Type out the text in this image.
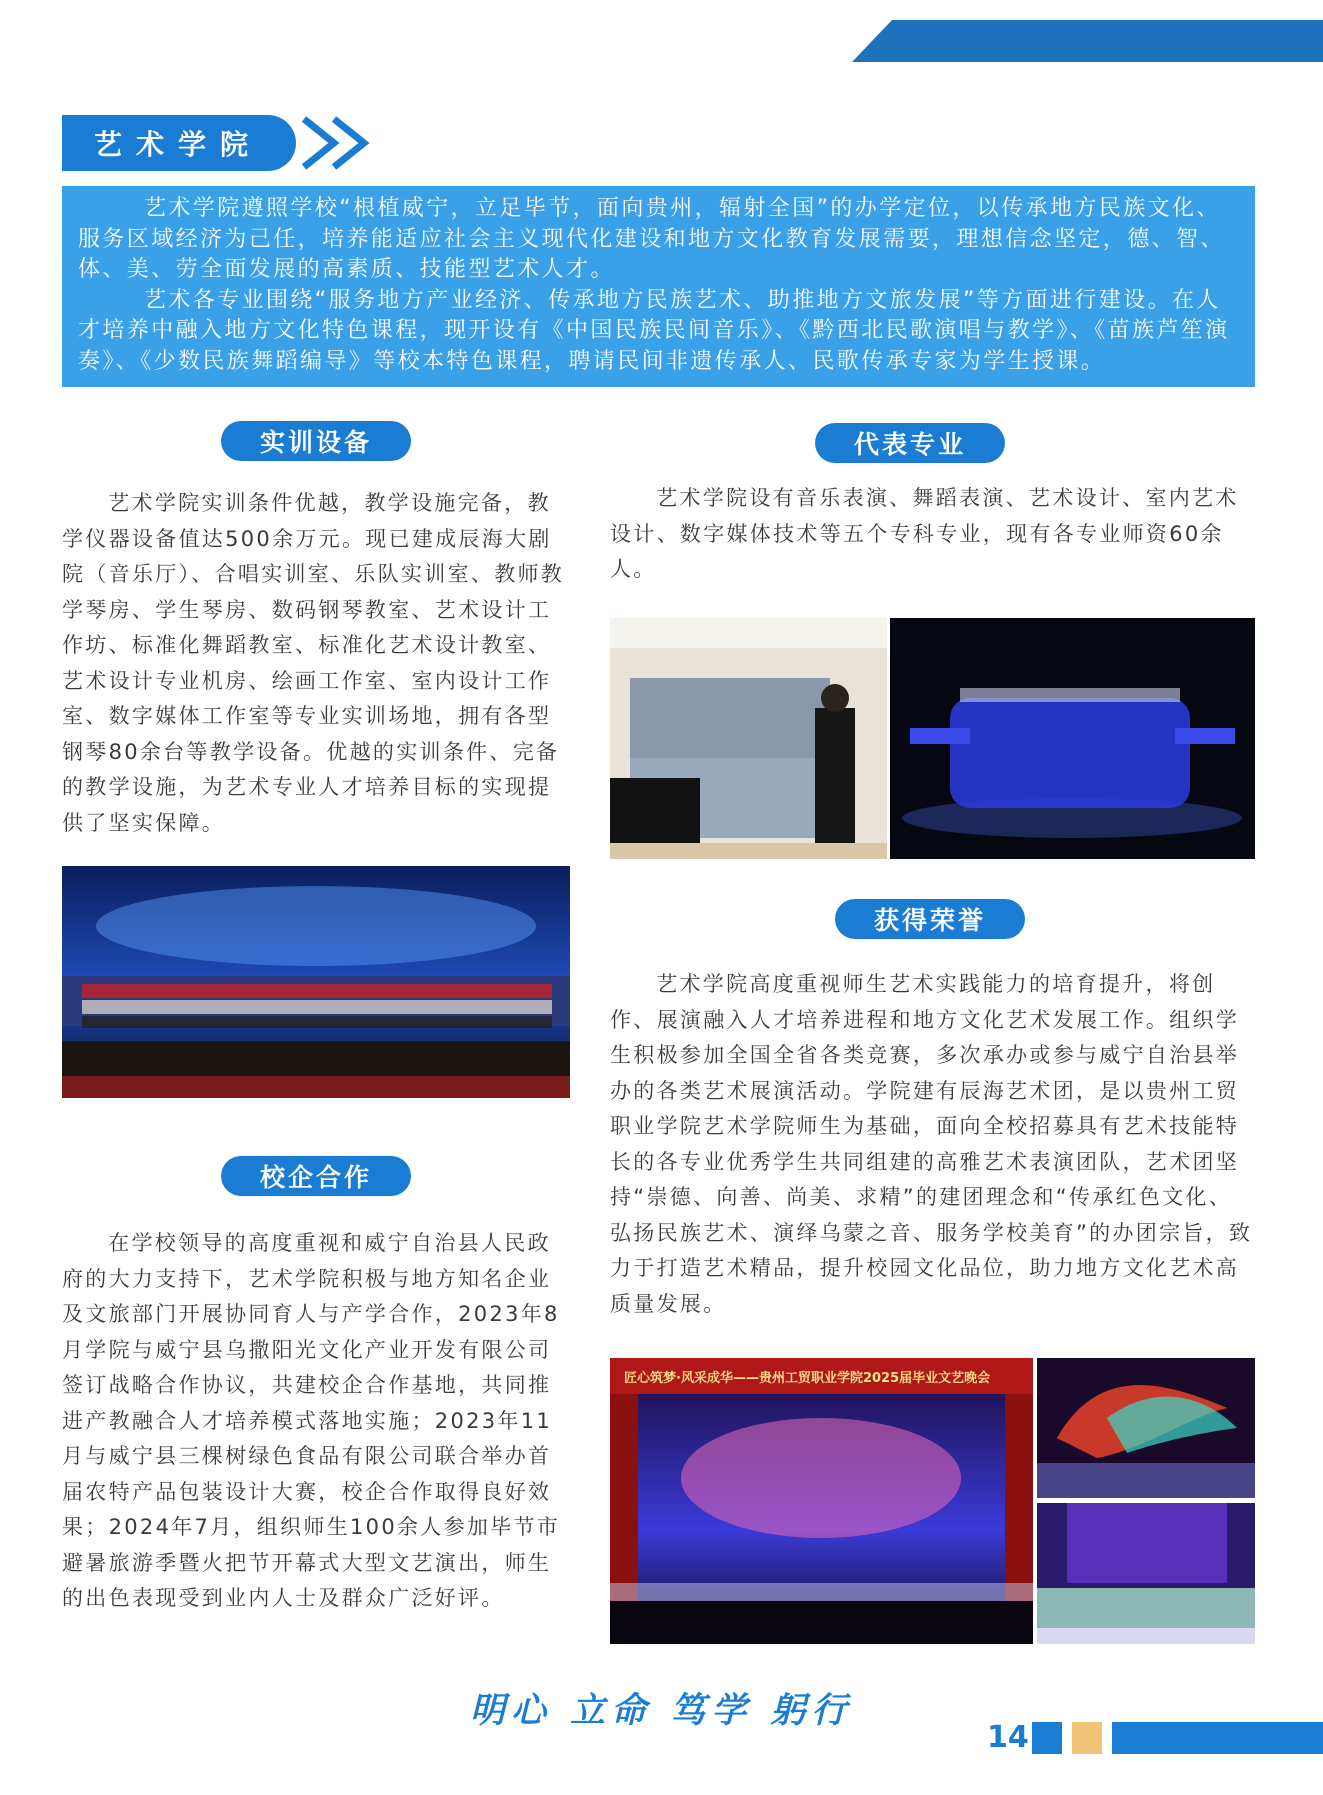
艺术学院

艺术学院遵照学校“根植威宁，立足毕节，面向贵州，辐射全国”的办学定位，以传承地方民族文化、服务区域经济为己任，培养能适应社会主义现代化建设和地方文化教育发展需要，理想信念坚定，德、智、体、美、劳全面发展的高素质、技能型艺术人才。

艺术各专业围绕“服务地方产业经济、传承地方民族艺术、助推地方文旅发展”等方面进行建设。在人才培养中融入地方文化特色课程，现开设有《中国民族民间音乐》、《黔西北民歌演唱与教学》、《苗族芦笙演奏》、《少数民族舞蹈编导》等校本特色课程，聘请民间非遗传承人、民歌传承专家为学生授课。

实训设备

艺术学院实训条件优越，教学设施完备，教学仪器设备值达500余万元。现已建成辰海大剧院（音乐厅）、合唱实训室、乐队实训室、教师教学琴房、学生琴房、数码钢琴教室、艺术设计工作坊、标准化舞蹈教室、标准化艺术设计教室、艺术设计专业机房、绘画工作室、室内设计工作室、数字媒体工作室等专业实训场地，拥有各型钢琴80余台等教学设备。优越的实训条件、完备的教学设施，为艺术专业人才培养目标的实现提供了坚实保障。

校企合作

在学校领导的高度重视和威宁自治县人民政府的大力支持下，艺术学院积极与地方知名企业及文旅部门开展协同育人与产学合作，2023年8月学院与威宁县乌撒阳光文化产业开发有限公司签订战略合作协议，共建校企合作基地，共同推进产教融合人才培养模式落地实施；2023年11月与威宁县三棵树绿色食品有限公司联合举办首届农特产品包装设计大赛，校企合作取得良好效果；2024年7月，组织师生100余人参加毕节市避暑旅游季暨火把节开幕式大型文艺演出，师生的出色表现受到业内人士及群众广泛好评。

代表专业

艺术学院设有音乐表演、舞蹈表演、艺术设计、室内艺术设计、数字媒体技术等五个专科专业，现有各专业师资60余人。

获得荣誉

艺术学院高度重视师生艺术实践能力的培育提升，将创作、展演融入人才培养进程和地方文化艺术发展工作。组织学生积极参加全国全省各类竞赛，多次承办或参与威宁自治县举办的各类艺术展演活动。学院建有辰海艺术团，是以贵州工贸职业学院艺术学院师生为基础，面向全校招募具有艺术技能特长的各专业优秀学生共同组建的高雅艺术表演团队，艺术团坚持“崇德、向善、尚美、求精”的建团理念和“传承红色文化、弘扬民族艺术、演绎乌蒙之音、服务学校美育”的办团宗旨，致力于打造艺术精品，提升校园文化品位，助力地方文化艺术高质量发展。

匠心筑梦·风采成华——贵州工贸职业学院2025届毕业文艺晚会
明心 立命 笃学 躬行
14
